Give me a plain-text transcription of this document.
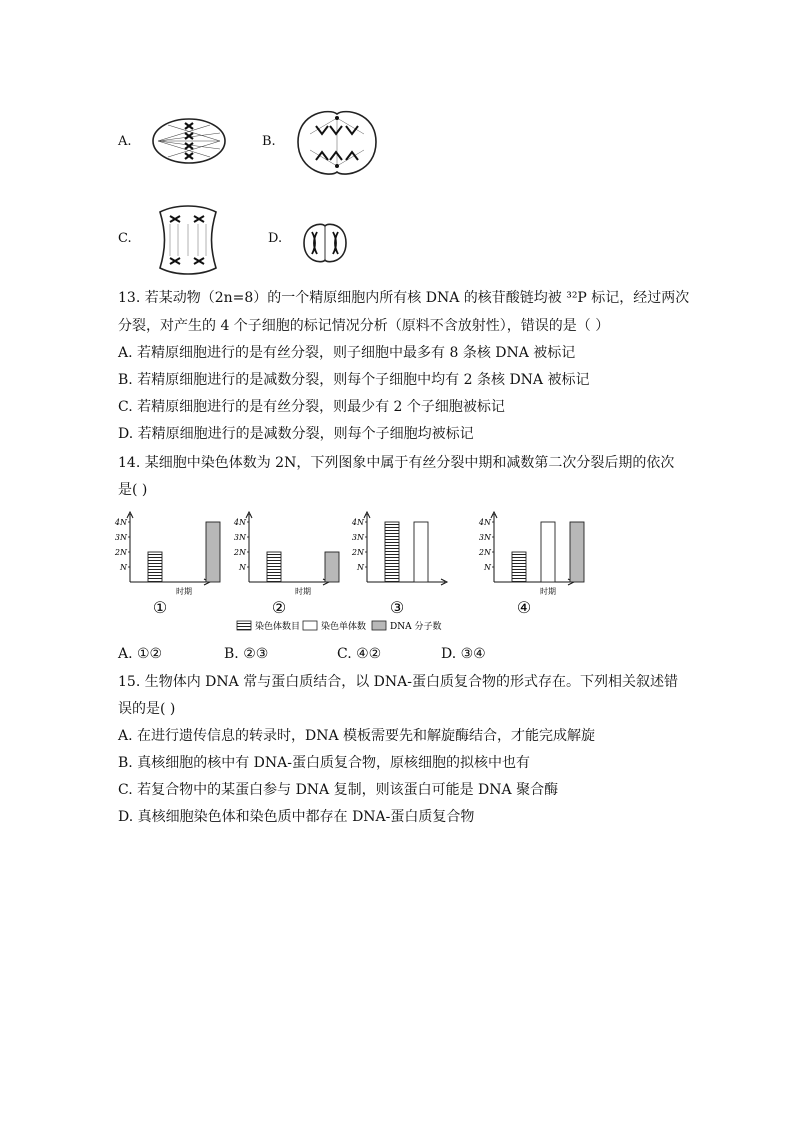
A.	B.
C.	D.
13. 若某动物（2n=8）的一个精原细胞内所有核 DNA 的核苷酸链均被 ³²P 标记，经过两次
分裂，对产生的 4 个子细胞的标记情况分析（原料不含放射性），错误的是（ ）
A. 若精原细胞进行的是有丝分裂，则子细胞中最多有 8 条核 DNA 被标记
B. 若精原细胞进行的是减数分裂，则每个子细胞中均有 2 条核 DNA 被标记
C. 若精原细胞进行的是有丝分裂，则最少有 2 个子细胞被标记
D. 若精原细胞进行的是减数分裂，则每个子细胞均被标记
14. 某细胞中染色体数为 2N，下列图象中属于有丝分裂中期和减数第二次分裂后期的依次
是( )
N
2N
3N
4N
时期
①
N
2N
3N
4N
时期
②
N
2N
3N
4N
③
N
2N
3N
4N
时期
④
染色体数目 染色单体数	DNA 分子数
A. ①②	B. ②③	C. ④②	D. ③④
15. 生物体内 DNA 常与蛋白质结合，以 DNA-蛋白质复合物的形式存在。下列相关叙述错
误的是( )
A. 在进行遗传信息的转录时，DNA 模板需要先和解旋酶结合，才能完成解旋
B. 真核细胞的核中有 DNA-蛋白质复合物，原核细胞的拟核中也有
C. 若复合物中的某蛋白参与 DNA 复制，则该蛋白可能是 DNA 聚合酶
D. 真核细胞染色体和染色质中都存在 DNA-蛋白质复合物
